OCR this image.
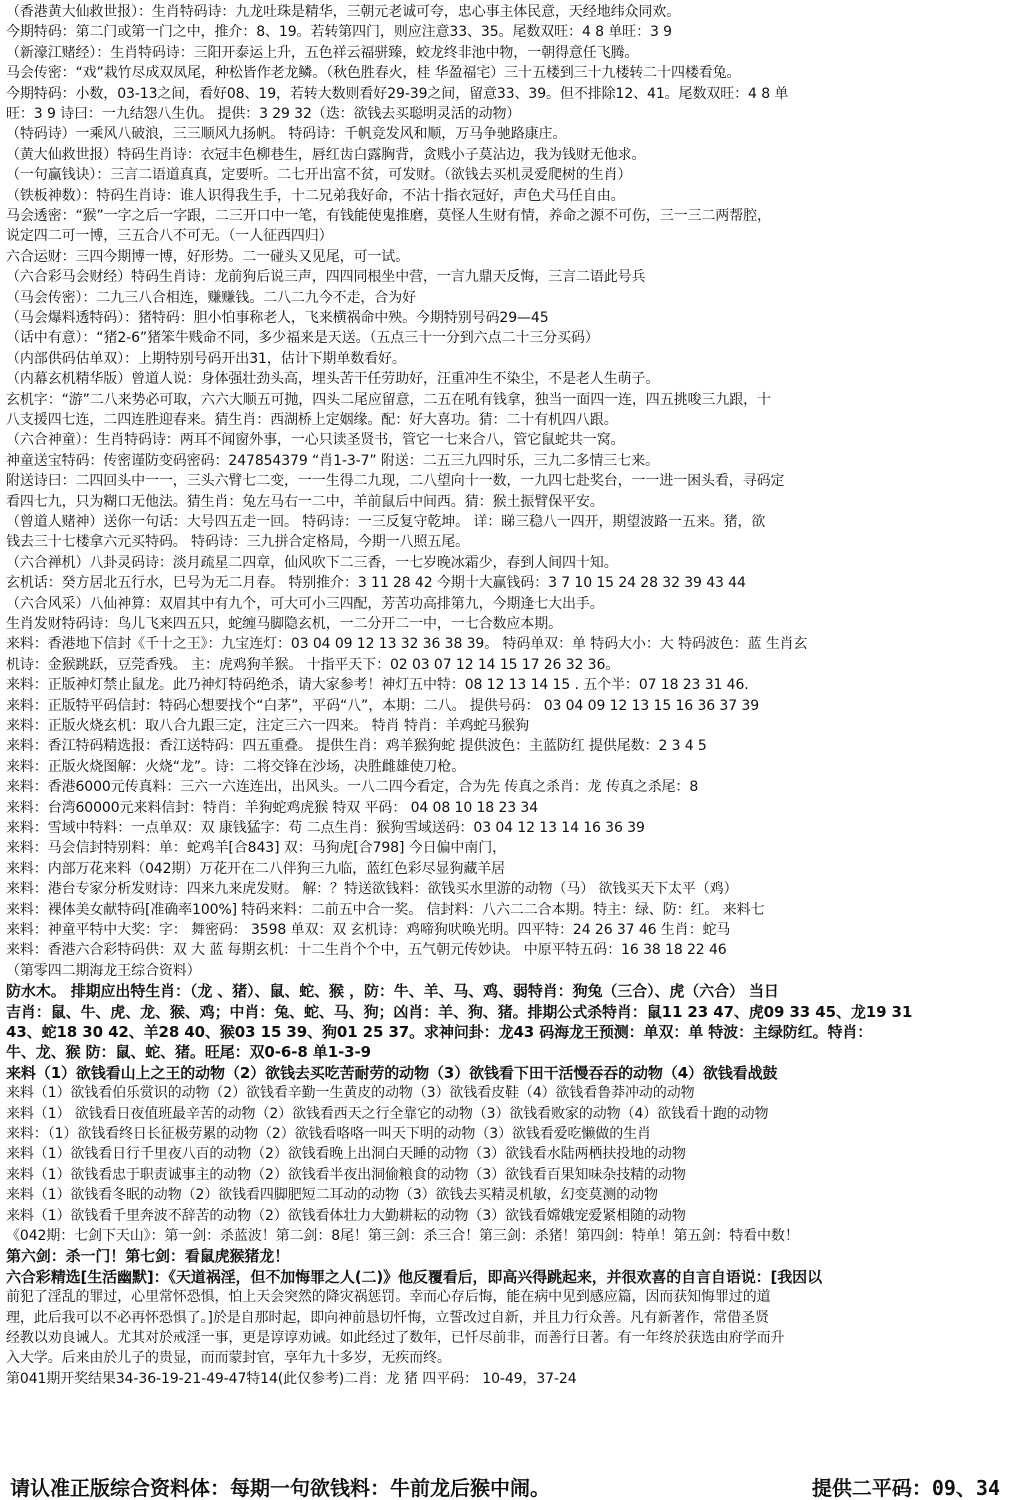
（香港黄大仙救世报）：生肖特码诗：九龙吐珠是精华，三朝元老诚可夸，忠心事主体民意，天经地纬众同欢。
今期特码：第二门或第一门之中，推介：8、19。若转第四门，则应注意33、35。尾数双旺：4 8 单旺：3 9
（新濠江赌经）：生肖特码诗：三阳开泰运上升，五色祥云福骈臻，蛟龙终非池中物，一朝得意任飞腾。
马会传密：“戏”栽竹尽成双凤尾，种松皆作老龙鳞。（秋色胜春火，桂 华盈福宅）三十五楼到三十九楼转二十四楼看兔。
今期特码：小数，03-13之间，看好08、19，若转大数则看好29-39之间，留意33、39。但不排除12、41。尾数双旺：4 8 单
旺：3 9 诗曰：一九结怨八生仇。 提供：3 29 32（迭：欲钱去买聪明灵活的动物）
（特码诗）一乘风八破浪，三三顺风九扬帆。 特码诗：千帆竞发风和顺，万马争驰路康庄。
（黄大仙救世报）特码生肖诗：衣冠丰色柳巷生，唇红齿白露胸背，贪贱小子莫沾边，我为钱财无他求。
（一句赢钱诀）：三言二语道真真，定要听。二七开出富不贫，可发财。（欲钱去买机灵爱爬树的生肖）
（铁板神数）：特码生肖诗：谁人识得我生手，十二兄弟我好命，不沾十指衣冠好，声色犬马任自由。
马会透密：“猴”一字之后一字跟，二三开口中一笔，有钱能使鬼推磨，莫怪人生财有情，养命之源不可伤，三一三二两帮腔，
说定四二可一博，三五合八不可无。（一人征西四归）
六合运财：三四今期博一博，好形势。二一碰头又见尾，可一试。
（六合彩马会财经）特码生肖诗：龙前狗后说三声，四四同根坐中营，一言九鼎天反悔，三言二语此号兵
（马会传密）：二九三八合相连，赚赚钱。二八二九今不走，合为好
（马会爆料透特码）：猪特码：胆小怕事称老人，飞来横祸命中殃。今期特别号码29—45
（话中有意）：“猪2-6”猪笨牛贱命不同，多少福来是天送。（五点三十一分到六点二十三分买码）
（内部供码估单双）：上期特别号码开出31，估计下期单数看好。
（内幕玄机精华版）曾道人说：身体强壮劲头高，埋头苦干任劳助好，汪重冲生不染尘，不是老人生萌子。
玄机字：“游”二八来势必可取，六六大顺五可抛，四头二尾应留意，二五在吼有钱拿，独当一面四一连，四五挑唆三九跟，十
八支援四七连，二四连胜迎春来。猜生肖：西湖桥上定姻缘。配：好大喜功。猜：二十有机四八跟。
（六合神童）：生肖特码诗：两耳不闻窗外事，一心只读圣贤书，管它一七来合八，管它鼠蛇共一窝。
神童送宝特码：传密谨防变码密码：247854379 “肖1-3-7” 附送：二五三九四时乐，三九二多情三七来。
附送诗曰：二四回头中一一，三头六臂七二变，一一生得二九现，二八望向十一数，一九四七赴奖台，一一进一困头看，寻码定
看四七九，只为糊口无他法。猜生肖：兔左马右一二中，羊前鼠后中间西。猜：猴土振臂保平安。
（曾道人赌神）送你一句话：大号四五走一回。 特码诗：一三反复守乾坤。 详：睇三稳八一四开，期望波路一五来。猪，欲
钱去三十七楼拿六元买特码。 特码诗：三九拼合定格局，今期一八照五尾。
（六合禅机）八卦灵码诗：淡月疏星二四章，仙风吹下二三香，一七岁晚冰霜少，春到人间四十知。
玄机话：癸方居北五行水，巳号为无二月春。 特别推介：3 11 28 42 今期十大赢钱码：3 7 10 15 24 28 32 39 43 44
（六合风采）八仙神算：双眉其中有九个，可大可小三四配，芳苦功高排第九，今期逢七大出手。
生肖发财特码诗：鸟儿飞来四五只，蛇缠马脚隐玄机，一二分开二一中，一七合数应本期。
来料：香港地下信封《千十之王》：九宝连灯：03 04 09 12 13 32 36 38 39。 特码单双：单 特码大小：大 特码波色：蓝 生肖玄
机诗：金猴跳跃，豆莞香残。 主：虎鸡狗羊猴。 十指平天下：02 03 07 12 14 15 17 26 32 36。
来料：正版神灯禁止鼠龙。此乃神灯特码绝杀，请大家参考！神灯五中特：08 12 13 14 15 . 五个半：07 18 23 31 46.
来料：正版特平码信封：特码心想要找个“白茅”，平码“八”，本期：二八。 提供号码： 03 04 09 12 13 15 16 36 37 39
来料：正版火烧玄机：取八合九跟三定，注定三六一四来。 特肖 特肖：羊鸡蛇马猴狗
来料：香江特码精选报：香江送特码：四五重叠。 提供生肖：鸡羊猴狗蛇 提供波色：主蓝防红 提供尾数：2 3 4 5
来料：正版火烧图解：火烧“龙”。诗：二将交锋在沙场，决胜雌雄使刀枪。
来料：香港6000元传真料：三六一六连连出，出风头。一八二四今看定，合为先 传真之杀肖：龙 传真之杀尾：8
来料：台湾60000元来料信封：特肖：羊狗蛇鸡虎猴 特双 平码： 04 08 10 18 23 34
来料：雪域中特料：一点单双：双 康钱猛字：苟 二点生肖：猴狗雪域送码：03 04 12 13 14 16 36 39
来料：马会信封特别料：单：蛇鸡羊[合843] 双：马狗虎[合798] 今日偏中南门，
来料：内部万花来料（042期）万花开在二八伴狗三九临，蓝红色彩尽显狗藏羊居
来料：港台专家分析发财诗：四来九来虎发财。 解：？特送欲钱料：欲钱买水里游的动物（马） 欲钱买天下太平（鸡）
来料：裸体美女献特码[准确率100%] 特码来料：二前五中合一奖。 信封料：八六二二合本期。特主：绿、防：红。 来料七
来料：神童平特中大奖：字： 舞密码： 3598 单双：双 玄机诗：鸡啼狗吠唤光明。四平特：24 26 37 46 生肖：蛇马
来料：香港六合彩特码供：双 大 蓝 每期玄机：十二生肖个个中，五气朝元传妙诀。 中原平特五码：16 38 18 22 46
（第零四二期海龙王综合资料）
防水木。 排期应出特生肖：（龙 、猪）、鼠、蛇、猴 ，防：牛、羊、马、鸡、弱特肖：狗兔（三合）、虎（六合） 当日
吉肖：鼠、牛、虎、龙、猴、鸡；中肖：兔、蛇、马、狗；凶肖：羊、狗、猪。排期公式杀特肖：鼠11 23 47、虎09 33 45、龙19 31
43、蛇18 30 42、羊28 40、猴03 15 39、狗01 25 37。求神问卦：龙43 码海龙王预测：单双：单 特波：主绿防红。特肖：
牛、龙、猴 防：鼠、蛇、猪。旺尾：双0-6-8 单1-3-9
来料（1）欲钱看山上之王的动物（2）欲钱去买吃苦耐劳的动物（3）欲钱看下田干活慢吞吞的动物（4）欲钱看战鼓
来料（1）欲钱看伯乐赏识的动物（2）欲钱看辛勤一生黄皮的动物（3）欲钱看皮鞋（4）欲钱看鲁莽冲动的动物
来料（1） 欲钱看日夜值班最辛苦的动物（2）欲钱看西天之行全靠它的动物（3）欲钱看败家的动物（4）欲钱看十跑的动物
来料：（1）欲钱看终日长征极劳累的动物（2）欲钱看咯咯一叫天下明的动物（3）欲钱看爱吃懒做的生肖
来料（1）欲钱看日行千里夜八百的动物（2）欲钱看晚上出洞白天睡的动物（3）欲钱看水陆两栖扶投地的动物
来料（1）欲钱看忠于职责诚事主的动物（2）欲钱看半夜出洞偷粮食的动物（3）欲钱看百果知味杂技精的动物
来料（1）欲钱看冬眠的动物（2）欲钱看四脚肥短二耳动的动物（3）欲钱去买精灵机敏，幻变莫测的动物
来料（1）欲钱看千里奔波不辞苦的动物（2）欲钱看体壮力大勤耕耘的动物（3）欲钱看嫦娥宠爱紧相随的动物
《042期：七剑下天山》：第一剑：杀蓝波！第二剑：8尾！第三剑：杀三合！第三剑：杀猪！第四剑：特单！第五剑：特看中数！
第六剑：杀一门！第七剑：看鼠虎猴猪龙！
六合彩精选[生活幽默]：《天道祸淫，但不加悔罪之人(二)》他反覆看后，即高兴得跳起来，并很欢喜的自言自语说：[我因以
前犯了淫乱的罪过，心里常怀恐惧，怕上天会突然的降灾祸惩罚。幸而心存后悔，能在病中见到感应篇，因而获知悔罪过的道
理，此后我可以不必再怀恐惧了。]於是自那时起，即向神前恳切忏悔，立誓改过自新，并且力行众善。凡有新著作，常借圣贤
经教以劝良诫人。尤其对於戒淫一事，更是谆谆劝诫。如此经过了数年，已忏尽前非，而善行日著。有一年终於获选由府学而升
入大学。后来由於儿子的贵显，而而蒙封官，享年九十多岁，无疾而终。
第041期开奖结果34-36-19-21-49-47特14(此仅参考)二肖：龙 猪 四平码： 10-49，37-24
请认准正版综合资料体：每期一句欲钱料：牛前龙后猴中闹。	提供二平码：09、34
